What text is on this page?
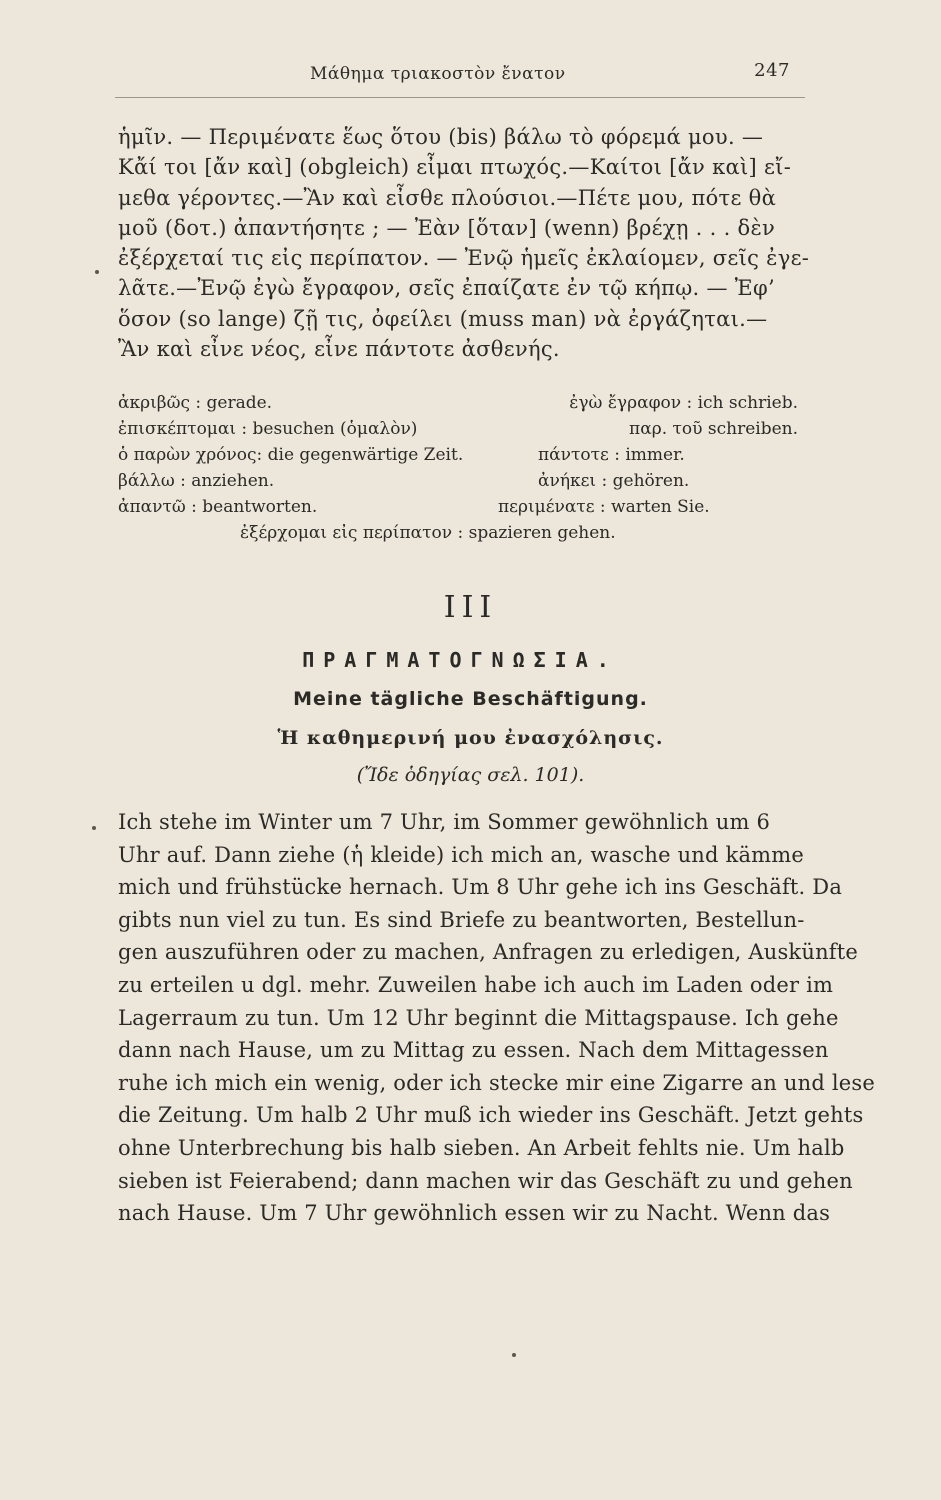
Μάθημα τριακοστὸν ἔνατον	247

ἡμῖν. — Περιμένατε ἕως ὅτου (bis) βάλω τὸ φόρεμά μου. —

Κἄί τοι [ἄν καὶ] (obgleich) εἶμαι πτωχός.—Καίτοι [ἄν καὶ] εἴ-

μεθα γέροντες.—Ἂν καὶ εἶσθε πλούσιοι.—Πέτε μου, πότε θὰ

μοῦ (δοτ.) ἀπαντήσητε ; — Ἐὰν [ὅταν] (wenn) βρέχῃ . . . δὲν

ἐξέρχεταί τις εἰς περίπατον. — Ἐνῷ ἡμεῖς ἐκλαίομεν, σεῖς ἐγε-

λᾶτε.—Ἐνῷ ἐγὼ ἔγραφον, σεῖς ἐπαίζατε ἐν τῷ κήπῳ. — Ἐφ’

ὅσον (so lange) ζῇ τις, ὀφείλει (muss man) νὰ ἐργάζηται.—

Ἂν καὶ εἶνε νέος, εἶνε πάντοτε ἀσθενής.

ἀκριβῶς : gerade.	ἐγὼ ἔγραφον : ich schrieb.
ἐπισκέπτομαι : besuchen (ὁμαλὸν)	παρ. τοῦ schreiben.
ὁ παρὼν χρόνος: die gegenwärtige Zeit.	πάντοτε : immer.
βάλλω : anziehen.	ἀνήκει : gehören.
ἀπαντῶ : beantworten.	περιμένατε : warten Sie.
ἐξέρχομαι εἰς περίπατον : spazieren gehen.
III
ΠΡΑΓΜΑΤΟΓΝΩΣΙΑ.
Meine tägliche Beschäftigung.
Ἡ καθημερινή μου ἐνασχόλησις.
(Ἴδε ὁδηγίας σελ. 101).

Ich stehe im Winter um 7 Uhr, im Sommer gewöhnlich um 6

Uhr auf. Dann ziehe (ἡ kleide) ich mich an, wasche und kämme

mich und frühstücke hernach. Um 8 Uhr gehe ich ins Geschäft. Da

gibts nun viel zu tun. Es sind Briefe zu beantworten, Bestellun-

gen auszuführen oder zu machen, Anfragen zu erledigen, Auskünfte

zu erteilen u dgl. mehr. Zuweilen habe ich auch im Laden oder im

Lagerraum zu tun. Um 12 Uhr beginnt die Mittagspause. Ich gehe

dann nach Hause, um zu Mittag zu essen. Nach dem Mittagessen

ruhe ich mich ein wenig, oder ich stecke mir eine Zigarre an und lese

die Zeitung. Um halb 2 Uhr muß ich wieder ins Geschäft. Jetzt gehts

ohne Unterbrechung bis halb sieben. An Arbeit fehlts nie. Um halb

sieben ist Feierabend; dann machen wir das Geschäft zu und gehen

nach Hause. Um 7 Uhr gewöhnlich essen wir zu Nacht. Wenn das
